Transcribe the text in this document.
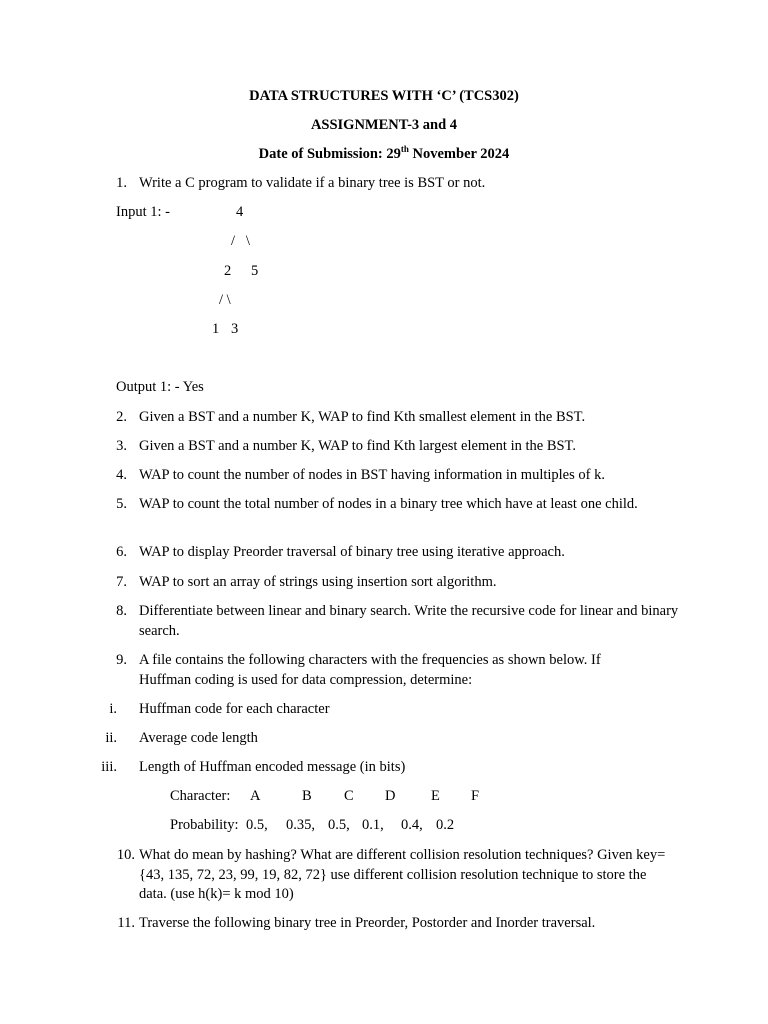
DATA STRUCTURES WITH ‘C’ (TCS302)
ASSIGNMENT-3 and 4
Date of Submission: 29th November 2024
1. Write a C program to validate if a binary tree is BST or not.
Input 1: -	4
/   \
2 5
/ \
1 3
Output 1: - Yes
2. Given a BST and a number K, WAP to find Kth smallest element in the BST.
3. Given a BST and a number K, WAP to find Kth largest element in the BST.
4. WAP to count the number of nodes in BST having information in multiples of k.
5. WAP to count the total number of nodes in a binary tree which have at least one child.
6. WAP to display Preorder traversal of binary tree using iterative approach.
7. WAP to sort an array of strings using insertion sort algorithm.
8. Differentiate between linear and binary search. Write the recursive code for linear and binary search.
9. A file contains the following characters with the frequencies as shown below. If Huffman coding is used for data compression, determine:
i. Huffman code for each character
ii. Average code length
iii. Length of Huffman encoded message (in bits)
Character: A	B C D E F
Probability: 0.5, 0.35, 0.5, 0.1, 0.4, 0.2
10. What do mean by hashing? What are different collision resolution techniques? Given key= {43, 135, 72, 23, 99, 19, 82, 72} use different collision resolution technique to store the data. (use h(k)= k mod 10)
11. Traverse the following binary tree in Preorder, Postorder and Inorder traversal.
